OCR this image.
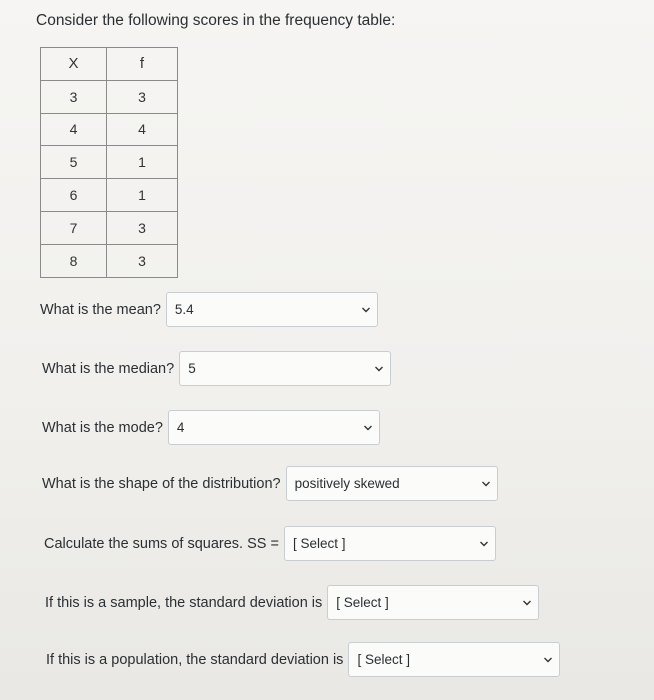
Consider the following scores in the frequency table:
X	f
3	3
4	4
5	1
6	1
7	3
8	3
What is the mean? 5.4
What is the median? 5
What is the mode? 4
What is the shape of the distribution? positively skewed
Calculate the sums of squares. SS = [ Select ]
If this is a sample, the standard deviation is [ Select ]
If this is a population, the standard deviation is [ Select ]
